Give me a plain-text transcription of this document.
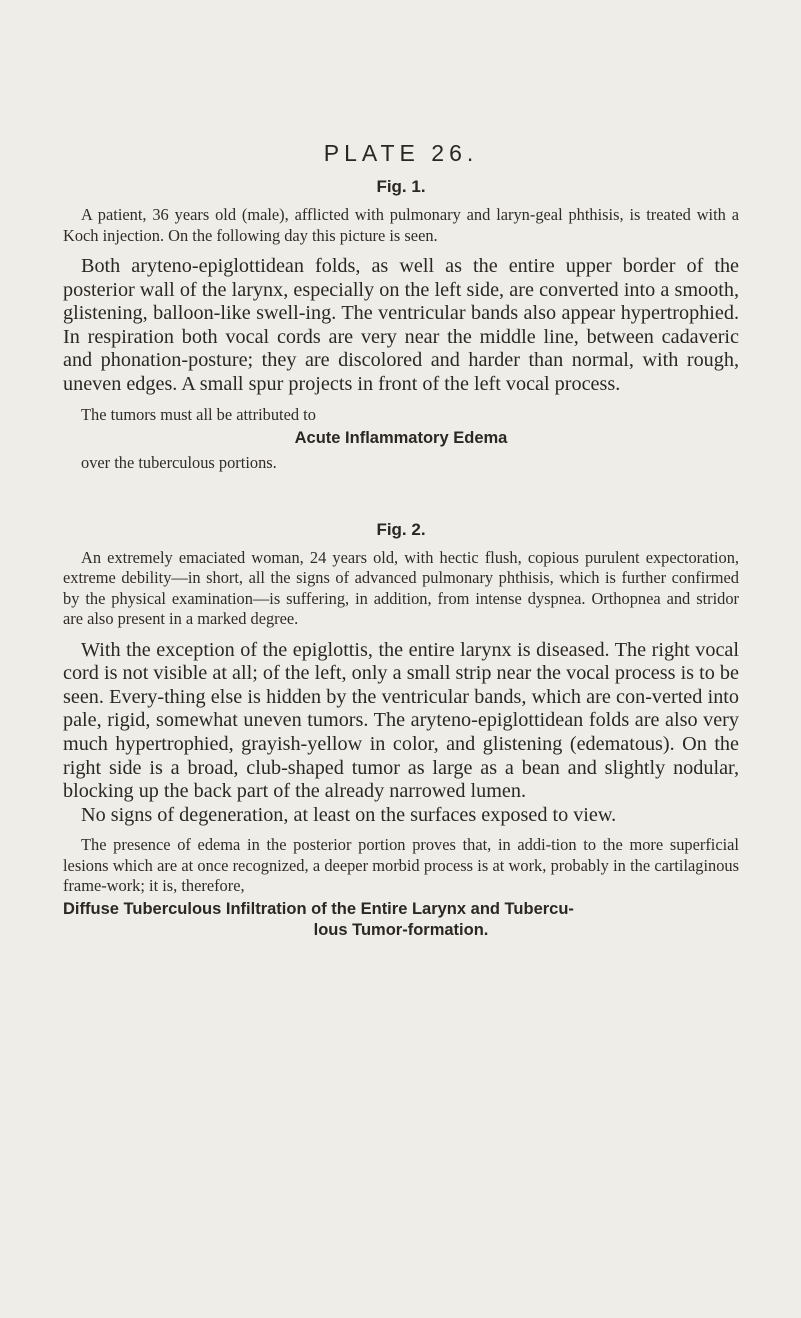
PLATE 26.
Fig. 1.

A patient, 36 years old (male), afflicted with pulmonary and laryn-geal phthisis, is treated with a Koch injection. On the following day this picture is seen.

Both aryteno-epiglottidean folds, as well as the entire upper border of the posterior wall of the larynx, especially on the left side, are converted into a smooth, glistening, balloon-like swell-ing. The ventricular bands also appear hypertrophied. In respiration both vocal cords are very near the middle line, between cadaveric and phonation-posture; they are discolored and harder than normal, with rough, uneven edges. A small spur projects in front of the left vocal process.

The tumors must all be attributed to

Acute Inflammatory Edema

over the tuberculous portions.

Fig. 2.

An extremely emaciated woman, 24 years old, with hectic flush, copious purulent expectoration, extreme debility—in short, all the signs of advanced pulmonary phthisis, which is further confirmed by the physical examination—is suffering, in addition, from intense dyspnea. Orthopnea and stridor are also present in a marked degree.

With the exception of the epiglottis, the entire larynx is diseased. The right vocal cord is not visible at all; of the left, only a small strip near the vocal process is to be seen. Every-thing else is hidden by the ventricular bands, which are con-verted into pale, rigid, somewhat uneven tumors. The aryteno-epiglottidean folds are also very much hypertrophied, grayish-yellow in color, and glistening (edematous). On the right side is a broad, club-shaped tumor as large as a bean and slightly nodular, blocking up the back part of the already narrowed lumen.

No signs of degeneration, at least on the surfaces exposed to view.

The presence of edema in the posterior portion proves that, in addi-tion to the more superficial lesions which are at once recognized, a deeper morbid process is at work, probably in the cartilaginous frame-work; it is, therefore,

Diffuse Tuberculous Infiltration of the Entire Larynx and Tubercu-

lous Tumor-formation.
